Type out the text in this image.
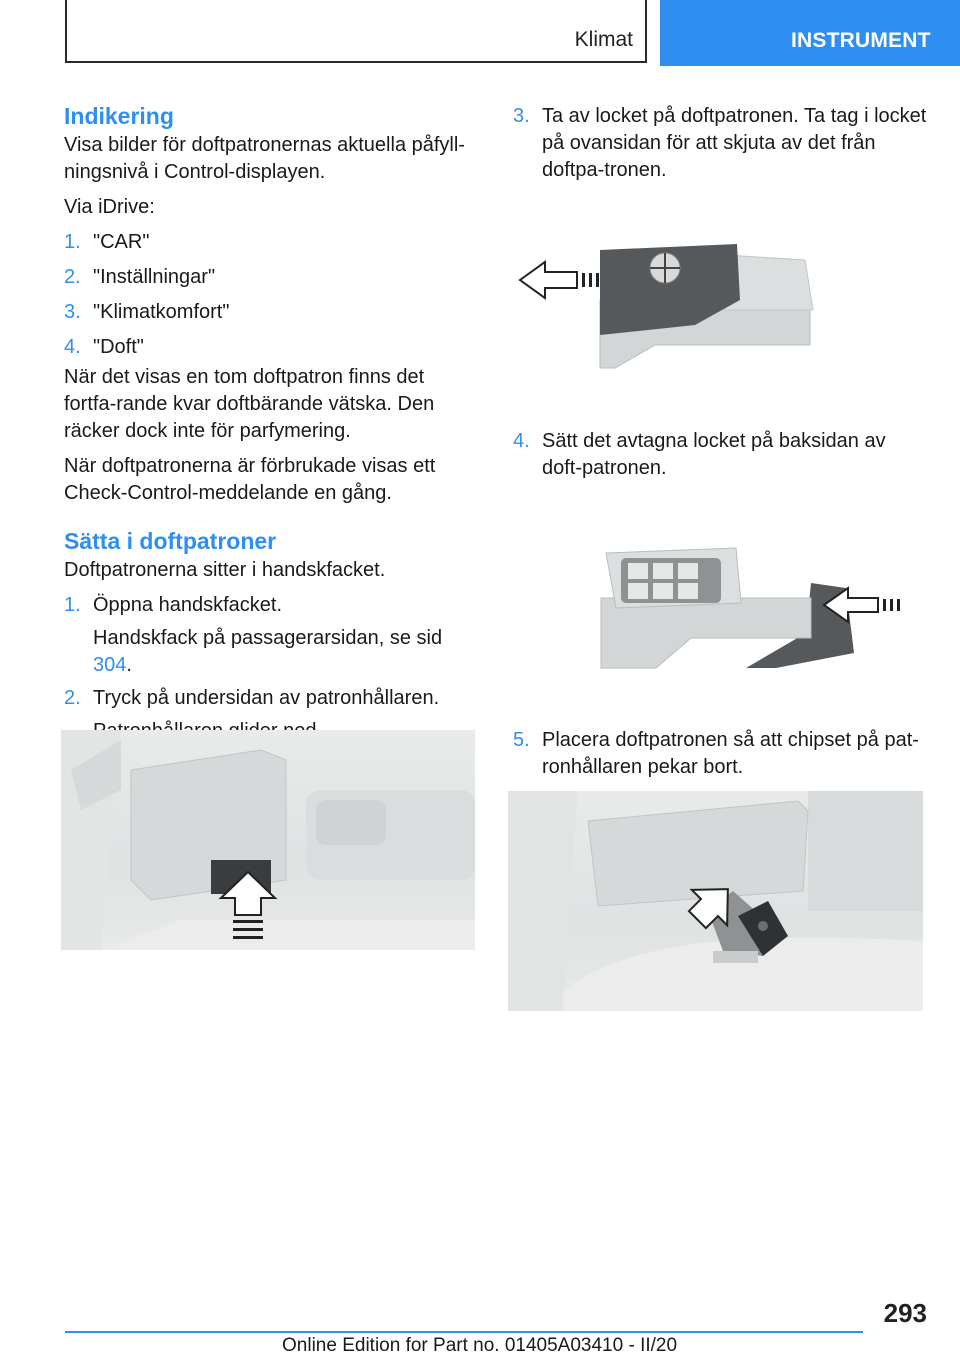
Klimat	INSTRUMENT
Indikering

Visa bilder för doftpatronernas aktuella påfyll‐ningsnivå i Control-displayen.

Via iDrive:

1. "CAR"
2. "Inställningar"
3. "Klimatkomfort"
4. "Doft"

När det visas en tom doftpatron finns det fortfa‐rande kvar doftbärande vätska. Den räcker dock inte för parfymering.

När doftpatronerna är förbrukade visas ett Check-Control-meddelande en gång.

Sätta i doftpatroner

Doftpatronerna sitter i handskfacket.

1. Öppna handskfacket.
Handskfack på passagerarsidan, se sid 304.
2. Tryck på undersidan av patronhållaren.
3. Ta av locket på doftpatronen. Ta tag i locket på ovansidan för att skjuta av det från doftpa‐tronen.
4. Sätt det avtagna locket på baksidan av doft‐patronen.
5. Placera doftpatronen så att chipset på pat‐ronhållaren pekar bort.
293
Online Edition for Part no. 01405A03410 - II/20
